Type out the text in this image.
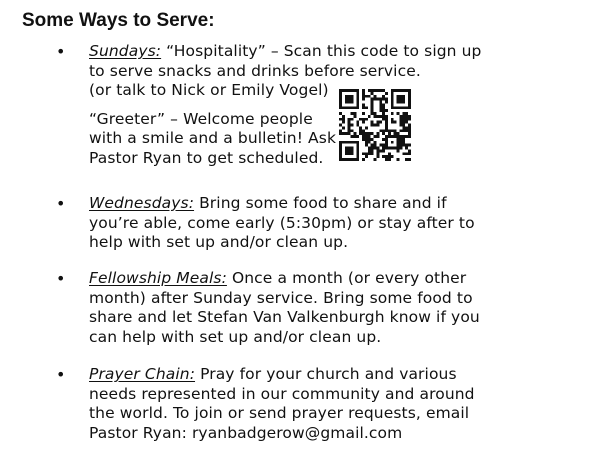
Some Ways to Serve:
• Sundays: “Hospitality” – Scan this code to sign up
to serve snacks and drinks before service.
(or talk to Nick or Emily Vogel)
“Greeter” – Welcome people
with a smile and a bulletin! Ask
Pastor Ryan to get scheduled.
• Wednesdays: Bring some food to share and if
you’re able, come early (5:30pm) or stay after to
help with set up and/or clean up.
• Fellowship Meals: Once a month (or every other
month) after Sunday service. Bring some food to
share and let Stefan Van Valkenburgh know if you
can help with set up and/or clean up.
• Prayer Chain: Pray for your church and various
needs represented in our community and around
the world. To join or send prayer requests, email
Pastor Ryan: ryanbadgerow@gmail.com
